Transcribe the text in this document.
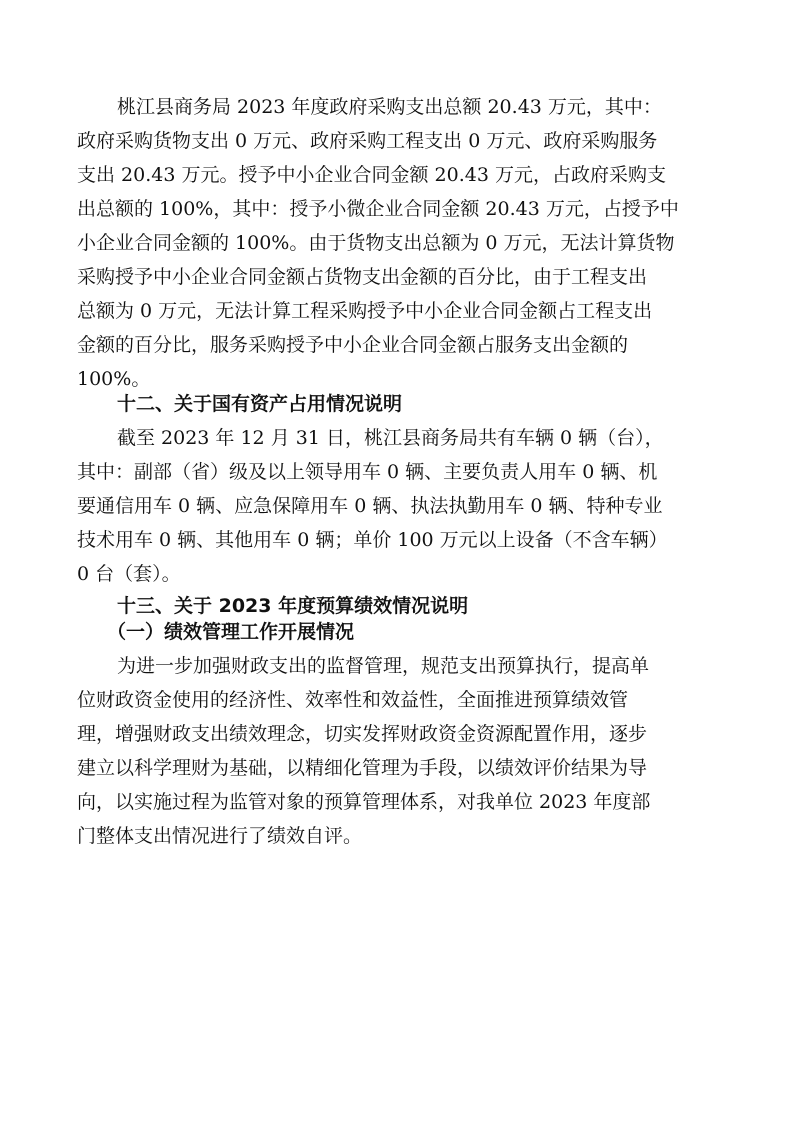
桃江县商务局 2023 年度政府采购支出总额 20.43 万元，其中：
政府采购货物支出 0 万元、政府采购工程支出 0 万元、政府采购服务
支出 20.43 万元。授予中小企业合同金额 20.43 万元，占政府采购支
出总额的 100%，其中：授予小微企业合同金额 20.43 万元，占授予中
小企业合同金额的 100%。由于货物支出总额为 0 万元，无法计算货物
采购授予中小企业合同金额占货物支出金额的百分比，由于工程支出
总额为 0 万元，无法计算工程采购授予中小企业合同金额占工程支出
金额的百分比，服务采购授予中小企业合同金额占服务支出金额的
100%。
十二、关于国有资产占用情况说明
截至 2023 年 12 月 31 日，桃江县商务局共有车辆 0 辆（台），
其中：副部（省）级及以上领导用车 0 辆、主要负责人用车 0 辆、机
要通信用车 0 辆、应急保障用车 0 辆、执法执勤用车 0 辆、特种专业
技术用车 0 辆、其他用车 0 辆；单价 100 万元以上设备（不含车辆）
0 台（套）。
十三、关于 2023 年度预算绩效情况说明
（一）绩效管理工作开展情况
为进一步加强财政支出的监督管理，规范支出预算执行，提高单
位财政资金使用的经济性、效率性和效益性，全面推进预算绩效管
理，增强财政支出绩效理念，切实发挥财政资金资源配置作用，逐步
建立以科学理财为基础，以精细化管理为手段，以绩效评价结果为导
向，以实施过程为监管对象的预算管理体系，对我单位 2023 年度部
门整体支出情况进行了绩效自评。
